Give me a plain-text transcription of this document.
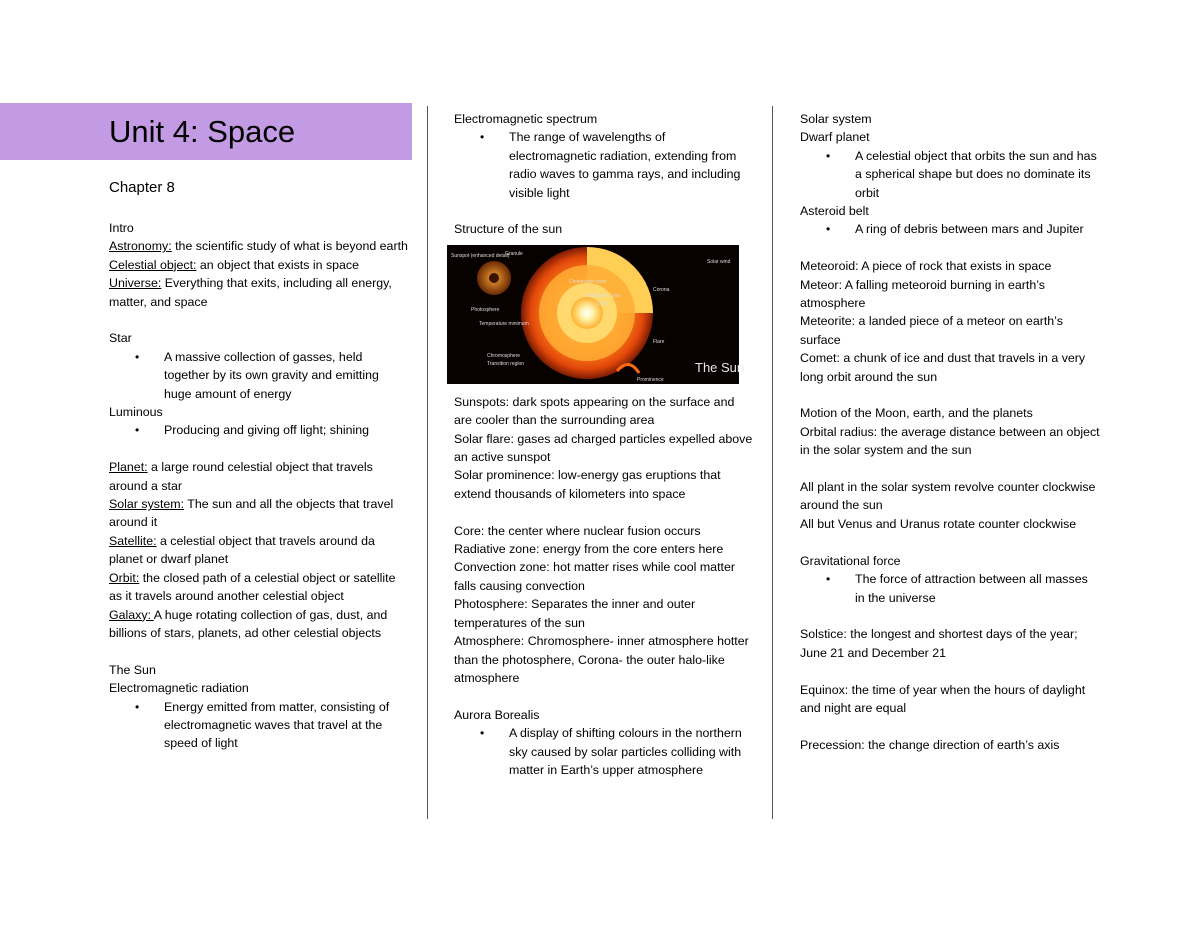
Unit 4: Space
Chapter 8
Intro
Astronomy: the scientific study of what is beyond earth
Celestial object: an object that exists in space
Universe: Everything that exits, including all energy, matter, and space
Star
• A massive collection of gasses, held together by its own gravity and emitting huge amount of energy
Luminous
• Producing and giving off light; shining
Planet: a large round celestial object that travels around a star
Solar system: The sun and all the objects that travel around it
Satellite: a celestial object that travels around da planet or dwarf planet
Orbit: the closed path of a celestial object or satellite as it travels around another celestial object
Galaxy: A huge rotating collection of gas, dust, and billions of stars, planets, ad other celestial objects
The Sun
Electromagnetic radiation
• Energy emitted from matter, consisting of electromagnetic waves that travel at the speed of light
Electromagnetic spectrum
• The range of wavelengths of electromagnetic radiation, extending from radio waves to gamma rays, and including visible light
Structure of the sun
Sunspots: dark spots appearing on the surface and are cooler than the surrounding area
Solar flare: gases ad charged particles expelled above an active sunspot
Solar prominence: low-energy gas eruptions that extend thousands of kilometers into space
Core: the center where nuclear fusion occurs
Radiative zone: energy from the core enters here
Convection zone: hot matter rises while cool matter falls causing convection
Photosphere: Separates the inner and outer temperatures of the sun
Atmosphere: Chromosphere- inner atmosphere hotter than the photosphere, Corona- the outer halo-like atmosphere
Aurora Borealis
• A display of shifting colours in the northern sky caused by solar particles colliding with matter in Earth’s upper atmosphere
Granule
Sunspot (enhanced detail)
Solar wind
Convection zone
Radiative zone
Core
Corona
Photosphere
Temperature minimum
Flare
Chromosphere
Transition region
Prominence
The Sun
Solar system
Dwarf planet
• A celestial object that orbits the sun and has a spherical shape but does no dominate its orbit
Asteroid belt
• A ring of debris between mars and Jupiter
Meteoroid: A piece of rock that exists in space
Meteor: A falling meteoroid burning in earth’s atmosphere
Meteorite: a landed piece of a meteor on earth’s surface
Comet: a chunk of ice and dust that travels in a very long orbit around the sun
Motion of the Moon, earth, and the planets
Orbital radius: the average distance between an object in the solar system and the sun
All plant in the solar system revolve counter clockwise around the sun
All but Venus and Uranus rotate counter clockwise
Gravitational force
• The force of attraction between all masses in the universe
Solstice: the longest and shortest days of the year; June 21 and December 21
Equinox: the time of year when the hours of daylight and night are equal
Precession: the change direction of earth’s axis
